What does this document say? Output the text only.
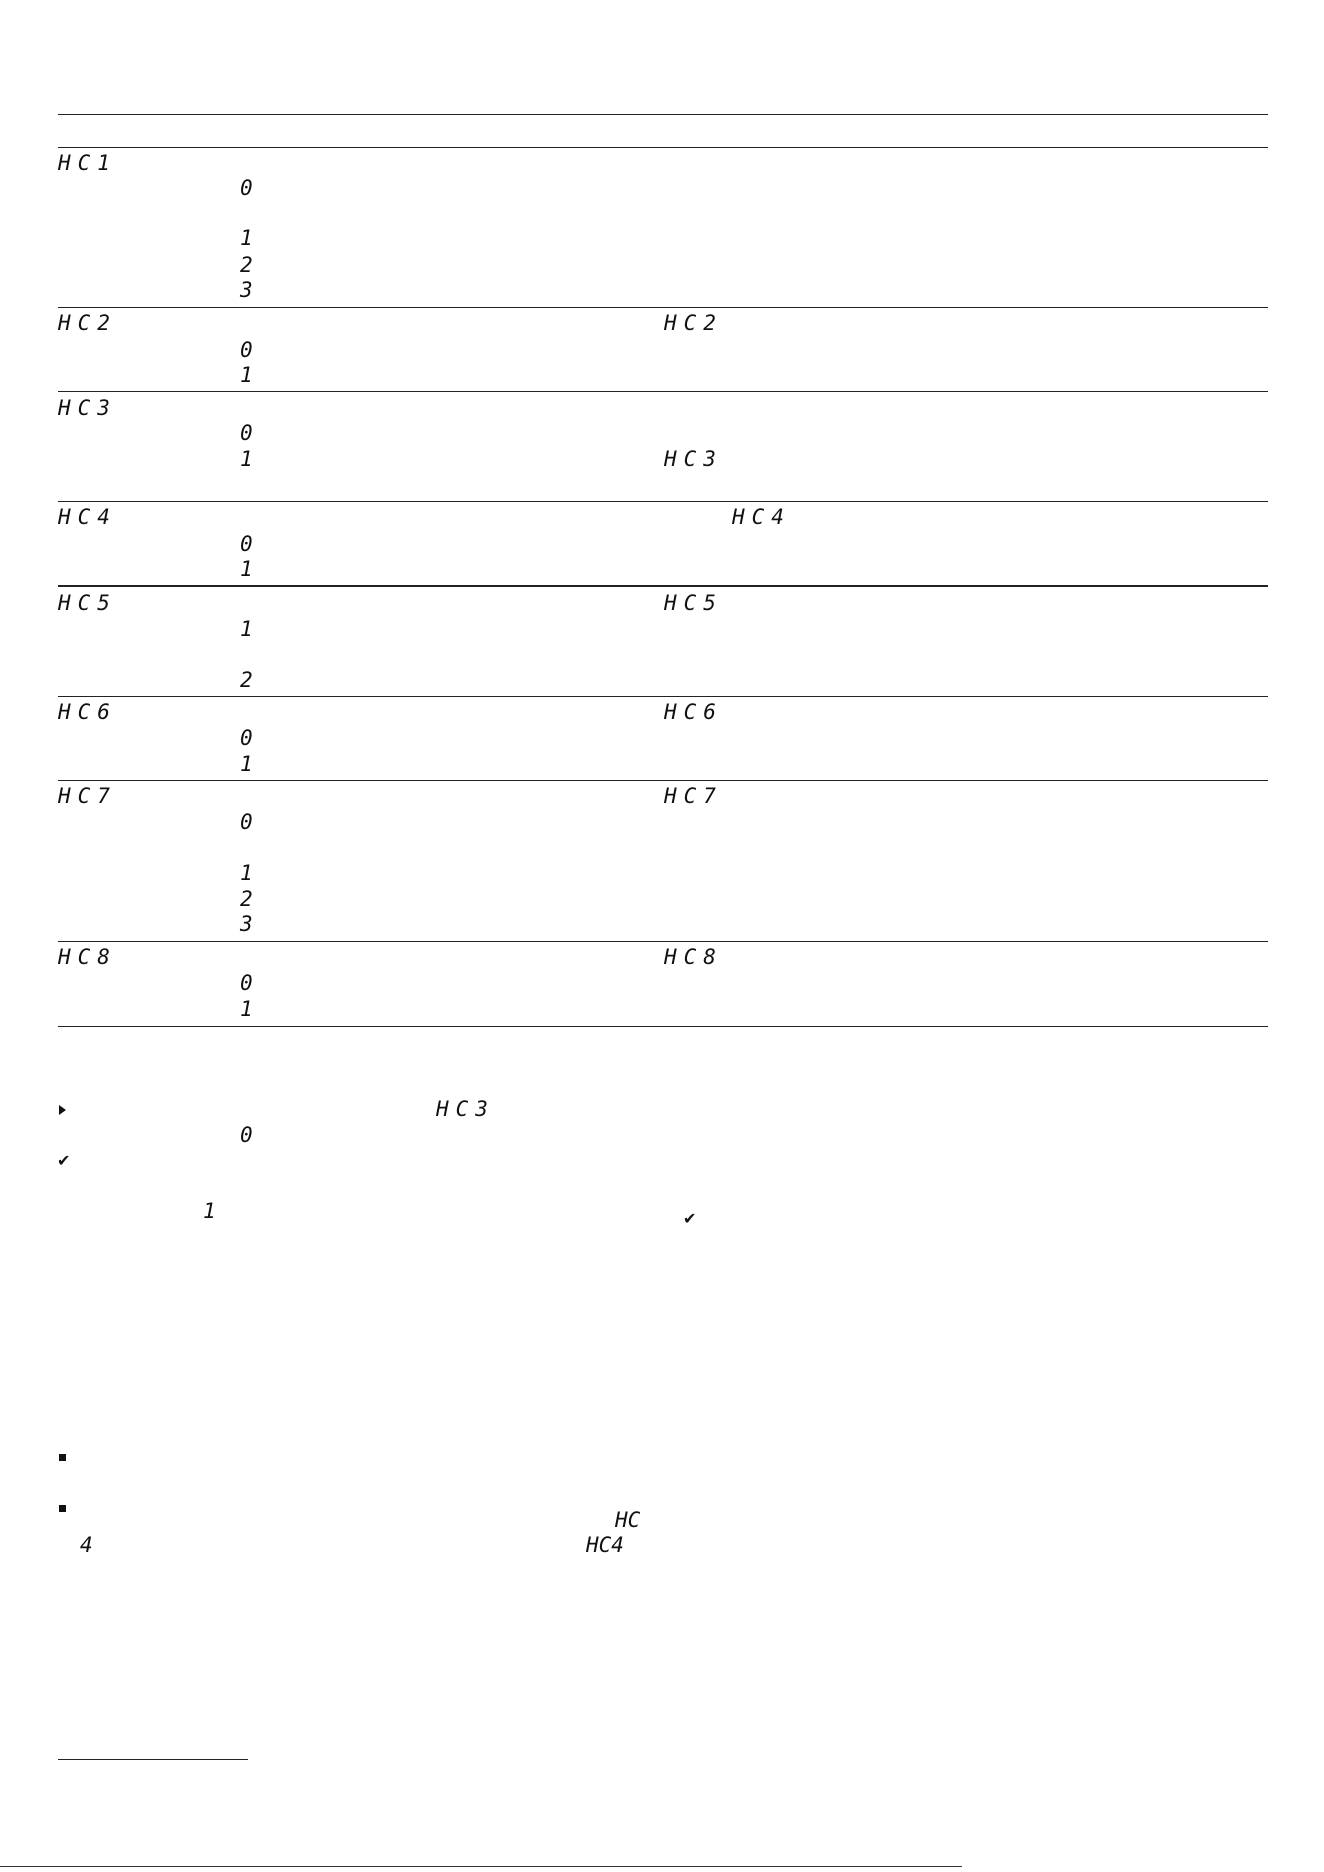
HC1
0
1
2
3
HC2	HC2
0
1
HC3
0
1	HC3
HC4	HC4
0
1
HC5	HC5
1
2
HC6	HC6
0
1
HC7	HC7
0
1
2
3
HC8	HC8
0
1
HC3
0
✔
1	✔
HC
4	HC4
